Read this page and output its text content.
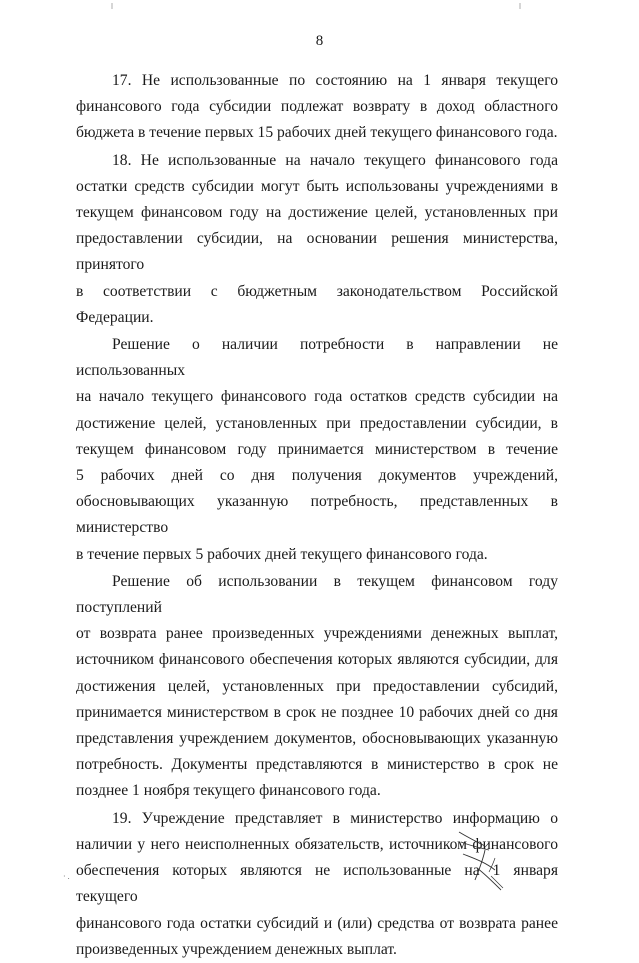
8

17. Не использованные по состоянию на 1 января текущего

финансового года субсидии подлежат возврату в доход областного

бюджета в течение первых 15 рабочих дней текущего финансового года.

18. Не использованные на начало текущего финансового года

остатки средств субсидии могут быть использованы учреждениями в

текущем финансовом году на достижение целей, установленных при

предоставлении субсидии, на основании решения министерства, принятого

в соответствии с бюджетным законодательством Российской Федерации.

Решение о наличии потребности в направлении не использованных

на начало текущего финансового года остатков средств субсидии на

достижение целей, установленных при предоставлении субсидии, в

текущем финансовом году принимается министерством в течение

5 рабочих дней со дня получения документов учреждений,

обосновывающих указанную потребность, представленных в министерство

в течение первых 5 рабочих дней текущего финансового года.

Решение об использовании в текущем финансовом году поступлений

от возврата ранее произведенных учреждениями денежных выплат,

источником финансового обеспечения которых являются субсидии, для

достижения целей, установленных при предоставлении субсидий,

принимается министерством в срок не позднее 10 рабочих дней со дня

представления учреждением документов, обосновывающих указанную

потребность. Документы представляются в министерство в срок не

позднее 1 ноября текущего финансового года.

19. Учреждение представляет в министерство информацию о

наличии у него неисполненных обязательств, источником финансового

обеспечения которых являются не использованные на 1 января текущего

финансового года остатки субсидий и (или) средства от возврата ранее

произведенных учреждением денежных выплат.

· .
